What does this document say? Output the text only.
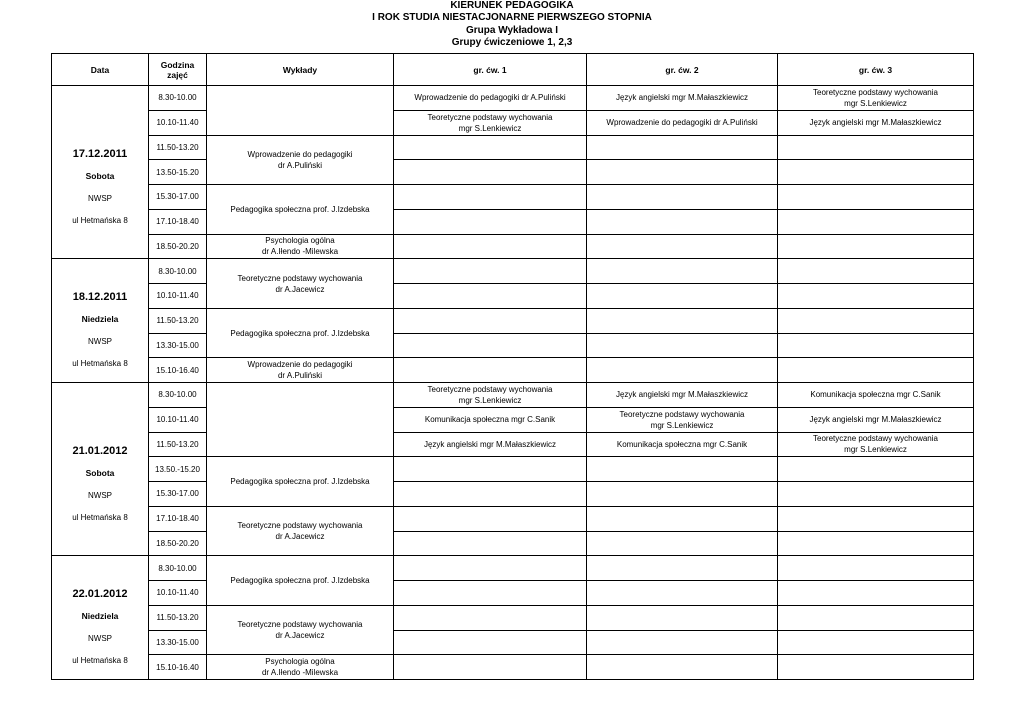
KIERUNEK PEDAGOGIKA
I ROK STUDIA NIESTACJONARNE PIERWSZEGO STOPNIA
Grupa Wykładowa I
Grupy ćwiczeniowe 1, 2,3
Data	Godzina zajęć	Wykłady	gr. ćw. 1	gr. ćw. 2	gr. ćw. 3

17.12.2011
Sobota
NWSP
ul Hetmańska 8	8.30-10.00		Wprowadzenie do pedagogiki dr A.Puliński	Język angielski mgr M.Małaszkiewicz	Teoretyczne podstawy wychowania
mgr S.Lenkiewicz
	10.10-11.40		Teoretyczne podstawy wychowania
mgr S.Lenkiewicz	Wprowadzenie do pedagogiki dr A.Puliński	Język angielski mgr M.Małaszkiewicz
	11.50-13.20	Wprowadzenie do pedagogiki
dr A.Puliński			
	13.50-15.20				
	15.30-17.00	Pedagogika społeczna prof. J.Izdebska			
	17.10-18.40				
	18.50-20.20	Psychologia ogólna
dr A.Iłendo -Milewska			

18.12.2011
Niedziela
NWSP
ul Hetmańska 8	8.30-10.00	Teoretyczne podstawy wychowania
dr A.Jacewicz			
	10.10-11.40				
	11.50-13.20	Pedagogika społeczna prof. J.Izdebska			
	13.30-15.00				
	15.10-16.40	Wprowadzenie do pedagogiki
dr A.Puliński			

21.01.2012
Sobota
NWSP
ul Hetmańska 8	8.30-10.00		Teoretyczne podstawy wychowania
mgr S.Lenkiewicz	Język angielski mgr M.Małaszkiewicz	Komunikacja społeczna mgr C.Sanik
	10.10-11.40		Komunikacja społeczna mgr C.Sanik	Teoretyczne podstawy wychowania
mgr S.Lenkiewicz	Język angielski mgr M.Małaszkiewicz
	11.50-13.20		Język angielski mgr M.Małaszkiewicz	Komunikacja społeczna mgr C.Sanik	Teoretyczne podstawy wychowania
mgr S.Lenkiewicz
	13.50.-15.20	Pedagogika społeczna prof. J.Izdebska			
	15.30-17.00				
	17.10-18.40	Teoretyczne podstawy wychowania
dr A.Jacewicz			
	18.50-20.20				

22.01.2012
Niedziela
NWSP
ul Hetmańska 8	8.30-10.00	Pedagogika społeczna prof. J.Izdebska			
	10.10-11.40				
	11.50-13.20	Teoretyczne podstawy wychowania
dr A.Jacewicz			
	13.30-15.00				
	15.10-16.40	Psychologia ogólna
dr A.Iłendo -Milewska			
